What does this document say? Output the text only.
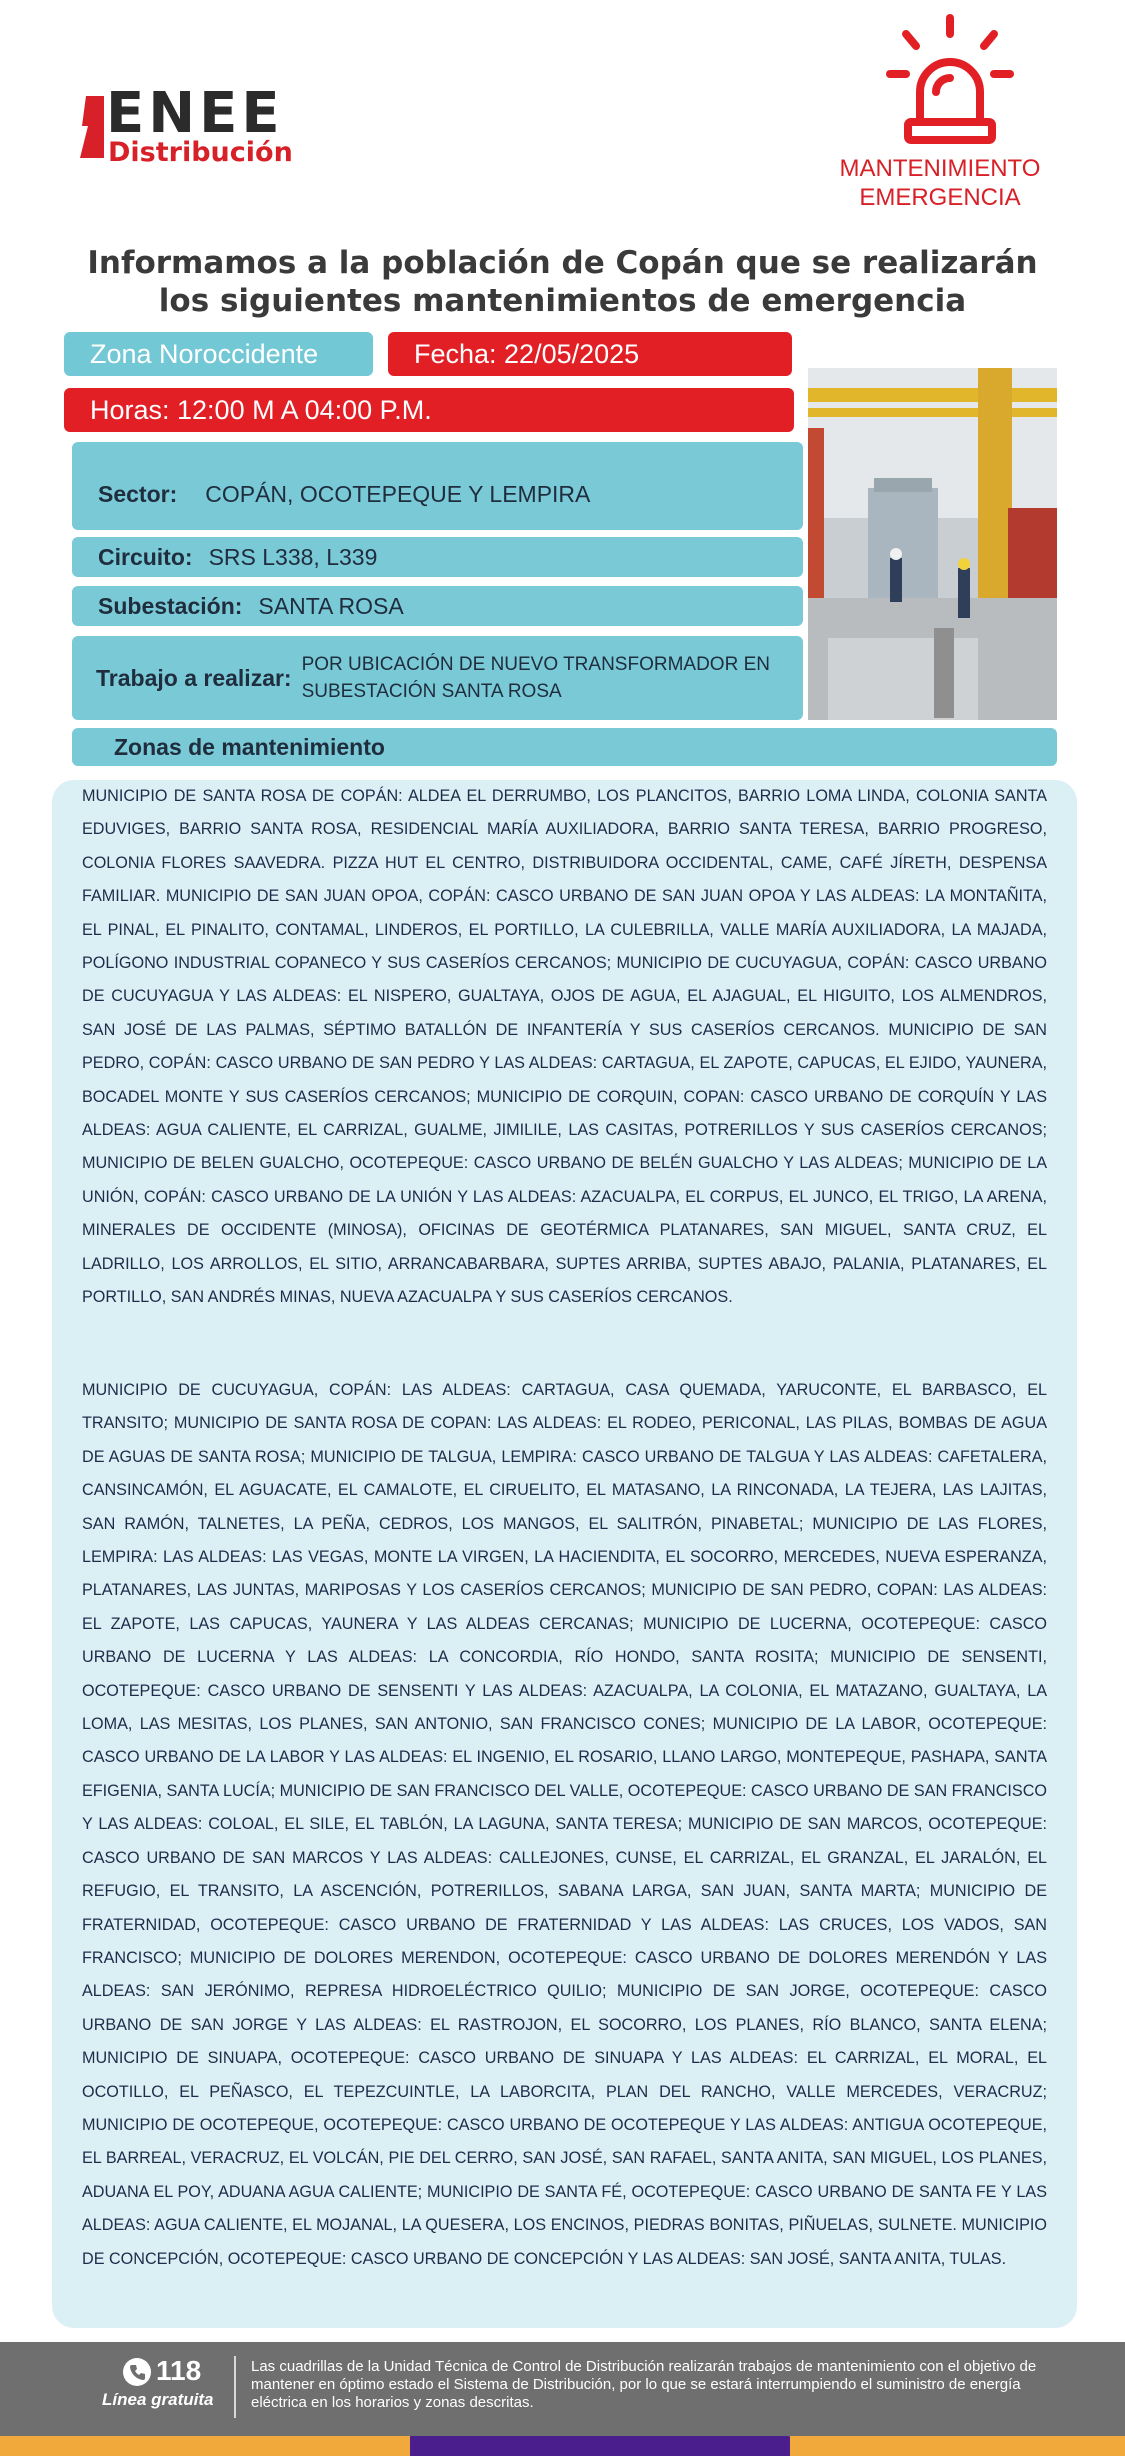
ENEE
Distribución
MANTENIMIENTO
EMERGENCIA
Informamos a la población de Copán que se realizarán
los siguientes mantenimientos de emergencia
Zona Noroccidente	Fecha: 22/05/2025
Horas: 12:00 M A 04:00 P.M.
Sector: COPÁN, OCOTEPEQUE Y LEMPIRA
Circuito: SRS L338, L339
Subestación: SANTA ROSA
Trabajo a realizar: POR UBICACIÓN DE NUEVO TRANSFORMADOR EN SUBESTACIÓN SANTA ROSA
Zonas de mantenimiento

MUNICIPIO DE SANTA ROSA DE COPÁN: ALDEA EL DERRUMBO, LOS PLANCITOS, BARRIO LOMA LINDA, COLONIA SANTA EDUVIGES, BARRIO SANTA ROSA, RESIDENCIAL MARÍA AUXILIADORA, BARRIO SANTA TERESA, BARRIO PROGRESO, COLONIA FLORES SAAVEDRA. PIZZA HUT EL CENTRO, DISTRIBUIDORA OCCIDENTAL, CAME, CAFÉ JÍRETH, DESPENSA FAMILIAR. MUNICIPIO DE SAN JUAN OPOA, COPÁN: CASCO URBANO DE SAN JUAN OPOA Y LAS ALDEAS: LA MONTAÑITA, EL PINAL, EL PINALITO, CONTAMAL, LINDEROS, EL PORTILLO, LA CULEBRILLA, VALLE MARÍA AUXILIADORA, LA MAJADA, POLÍGONO INDUSTRIAL COPANECO Y SUS CASERÍOS CERCANOS; MUNICIPIO DE CUCUYAGUA, COPÁN: CASCO URBANO DE CUCUYAGUA Y LAS ALDEAS: EL NISPERO, GUALTAYA, OJOS DE AGUA, EL AJAGUAL, EL HIGUITO, LOS ALMENDROS, SAN JOSÉ DE LAS PALMAS, SÉPTIMO BATALLÓN DE INFANTERÍA Y SUS CASERÍOS CERCANOS. MUNICIPIO DE SAN PEDRO, COPÁN: CASCO URBANO DE SAN PEDRO Y LAS ALDEAS: CARTAGUA, EL ZAPOTE, CAPUCAS, EL EJIDO, YAUNERA, BOCADEL MONTE Y SUS CASERÍOS CERCANOS; MUNICIPIO DE CORQUIN, COPAN: CASCO URBANO DE CORQUÍN Y LAS ALDEAS: AGUA CALIENTE, EL CARRIZAL, GUALME, JIMILILE, LAS CASITAS, POTRERILLOS Y SUS CASERÍOS CERCANOS; MUNICIPIO DE BELEN GUALCHO, OCOTEPEQUE: CASCO URBANO DE BELÉN GUALCHO Y LAS ALDEAS; MUNICIPIO DE LA UNIÓN, COPÁN: CASCO URBANO DE LA UNIÓN Y LAS ALDEAS: AZACUALPA, EL CORPUS, EL JUNCO, EL TRIGO, LA ARENA, MINERALES DE OCCIDENTE (MINOSA), OFICINAS DE GEOTÉRMICA PLATANARES, SAN MIGUEL, SANTA CRUZ, EL LADRILLO, LOS ARROLLOS, EL SITIO, ARRANCABARBARA, SUPTES ARRIBA, SUPTES ABAJO, PALANIA, PLATANARES, EL PORTILLO, SAN ANDRÉS MINAS, NUEVA AZACUALPA Y SUS CASERÍOS CERCANOS.

MUNICIPIO DE CUCUYAGUA, COPÁN: LAS ALDEAS: CARTAGUA, CASA QUEMADA, YARUCONTE, EL BARBASCO, EL TRANSITO; MUNICIPIO DE SANTA ROSA DE COPAN: LAS ALDEAS: EL RODEO, PERICONAL, LAS PILAS, BOMBAS DE AGUA DE AGUAS DE SANTA ROSA; MUNICIPIO DE TALGUA, LEMPIRA: CASCO URBANO DE TALGUA Y LAS ALDEAS: CAFETALERA, CANSINCAMÓN, EL AGUACATE, EL CAMALOTE, EL CIRUELITO, EL MATASANO, LA RINCONADA, LA TEJERA, LAS LAJITAS, SAN RAMÓN, TALNETES, LA PEÑA, CEDROS, LOS MANGOS, EL SALITRÓN, PINABETAL; MUNICIPIO DE LAS FLORES, LEMPIRA: LAS ALDEAS: LAS VEGAS, MONTE LA VIRGEN, LA HACIENDITA, EL SOCORRO, MERCEDES, NUEVA ESPERANZA, PLATANARES, LAS JUNTAS, MARIPOSAS Y LOS CASERÍOS CERCANOS; MUNICIPIO DE SAN PEDRO, COPAN: LAS ALDEAS: EL ZAPOTE, LAS CAPUCAS, YAUNERA Y LAS ALDEAS CERCANAS; MUNICIPIO DE LUCERNA, OCOTEPEQUE: CASCO URBANO DE LUCERNA Y LAS ALDEAS: LA CONCORDIA, RÍO HONDO, SANTA ROSITA; MUNICIPIO DE SENSENTI, OCOTEPEQUE: CASCO URBANO DE SENSENTI Y LAS ALDEAS: AZACUALPA, LA COLONIA, EL MATAZANO, GUALTAYA, LA LOMA, LAS MESITAS, LOS PLANES, SAN ANTONIO, SAN FRANCISCO CONES; MUNICIPIO DE LA LABOR, OCOTEPEQUE: CASCO URBANO DE LA LABOR Y LAS ALDEAS: EL INGENIO, EL ROSARIO, LLANO LARGO, MONTEPEQUE, PASHAPA, SANTA EFIGENIA, SANTA LUCÍA; MUNICIPIO DE SAN FRANCISCO DEL VALLE, OCOTEPEQUE: CASCO URBANO DE SAN FRANCISCO Y LAS ALDEAS: COLOAL, EL SILE, EL TABLÓN, LA LAGUNA, SANTA TERESA; MUNICIPIO DE SAN MARCOS, OCOTEPEQUE: CASCO URBANO DE SAN MARCOS Y LAS ALDEAS: CALLEJONES, CUNSE, EL CARRIZAL, EL GRANZAL, EL JARALÓN, EL REFUGIO, EL TRANSITO, LA ASCENCIÓN, POTRERILLOS, SABANA LARGA, SAN JUAN, SANTA MARTA; MUNICIPIO DE FRATERNIDAD, OCOTEPEQUE: CASCO URBANO DE FRATERNIDAD Y LAS ALDEAS: LAS CRUCES, LOS VADOS, SAN FRANCISCO; MUNICIPIO DE DOLORES MERENDON, OCOTEPEQUE: CASCO URBANO DE DOLORES MERENDÓN Y LAS ALDEAS: SAN JERÓNIMO, REPRESA HIDROELÉCTRICO QUILIO; MUNICIPIO DE SAN JORGE, OCOTEPEQUE: CASCO URBANO DE SAN JORGE Y LAS ALDEAS: EL RASTROJON, EL SOCORRO, LOS PLANES, RÍO BLANCO, SANTA ELENA; MUNICIPIO DE SINUAPA, OCOTEPEQUE: CASCO URBANO DE SINUAPA Y LAS ALDEAS: EL CARRIZAL, EL MORAL, EL OCOTILLO, EL PEÑASCO, EL TEPEZCUINTLE, LA LABORCITA, PLAN DEL RANCHO, VALLE MERCEDES, VERACRUZ; MUNICIPIO DE OCOTEPEQUE, OCOTEPEQUE: CASCO URBANO DE OCOTEPEQUE Y LAS ALDEAS: ANTIGUA OCOTEPEQUE, EL BARREAL, VERACRUZ, EL VOLCÁN, PIE DEL CERRO, SAN JOSÉ, SAN RAFAEL, SANTA ANITA, SAN MIGUEL, LOS PLANES, ADUANA EL POY, ADUANA AGUA CALIENTE; MUNICIPIO DE SANTA FÉ, OCOTEPEQUE: CASCO URBANO DE SANTA FE Y LAS ALDEAS: AGUA CALIENTE, EL MOJANAL, LA QUESERA, LOS ENCINOS, PIEDRAS BONITAS, PIÑUELAS, SULNETE. MUNICIPIO DE CONCEPCIÓN, OCOTEPEQUE: CASCO URBANO DE CONCEPCIÓN Y LAS ALDEAS: SAN JOSÉ, SANTA ANITA, TULAS.

118
Línea gratuita
Las cuadrillas de la Unidad Técnica de Control de Distribución realizarán trabajos de mantenimiento con el objetivo de mantener en óptimo estado el Sistema de Distribución, por lo que se estará interrumpiendo el suministro de energía eléctrica en los horarios y zonas descritas.
